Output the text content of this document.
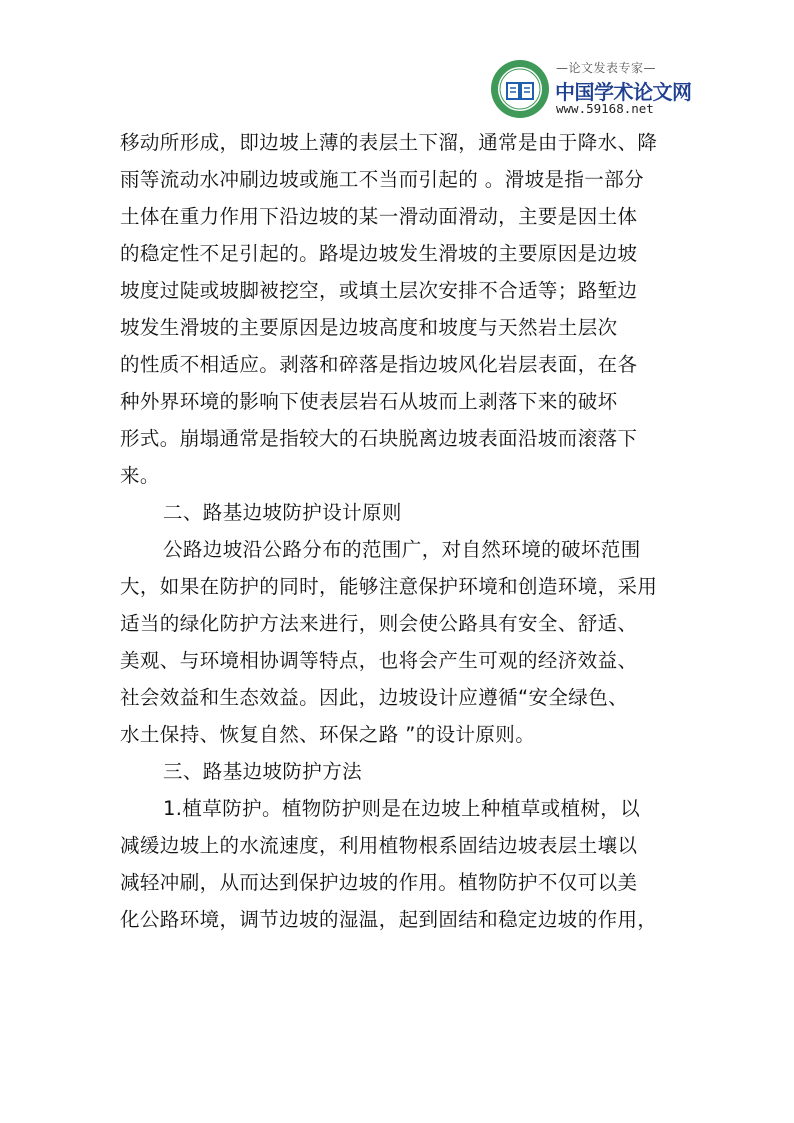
—论文发表专家—
中国学术论文网
www.59168.net
移动所形成，即边坡上薄的表层土下溜，通常是由于降水、降
雨等流动水冲刷边坡或施工不当而引起的 。滑坡是指一部分
土体在重力作用下沿边坡的某一滑动面滑动，主要是因土体
的稳定性不足引起的。路堤边坡发生滑坡的主要原因是边坡
坡度过陡或坡脚被挖空，或填土层次安排不合适等；路堑边
坡发生滑坡的主要原因是边坡高度和坡度与天然岩土层次
的性质不相适应。剥落和碎落是指边坡风化岩层表面，在各
种外界环境的影响下使表层岩石从坡而上剥落下来的破坏
形式。崩塌通常是指较大的石块脱离边坡表面沿坡而滚落下
来。
二、路基边坡防护设计原则
公路边坡沿公路分布的范围广，对自然环境的破坏范围
大，如果在防护的同时，能够注意保护环境和创造环境，采用
适当的绿化防护方法来进行，则会使公路具有安全、舒适、
美观、与环境相协调等特点，也将会产生可观的经济效益、
社会效益和生态效益。因此，边坡设计应遵循“安全绿色、
水土保持、恢复自然、环保之路 ”的设计原则。
三、路基边坡防护方法
1.植草防护。植物防护则是在边坡上种植草或植树，以
减缓边坡上的水流速度，利用植物根系固结边坡表层土壤以
减轻冲刷，从而达到保护边坡的作用。植物防护不仅可以美
化公路环境，调节边坡的湿温，起到固结和稳定边坡的作用，
